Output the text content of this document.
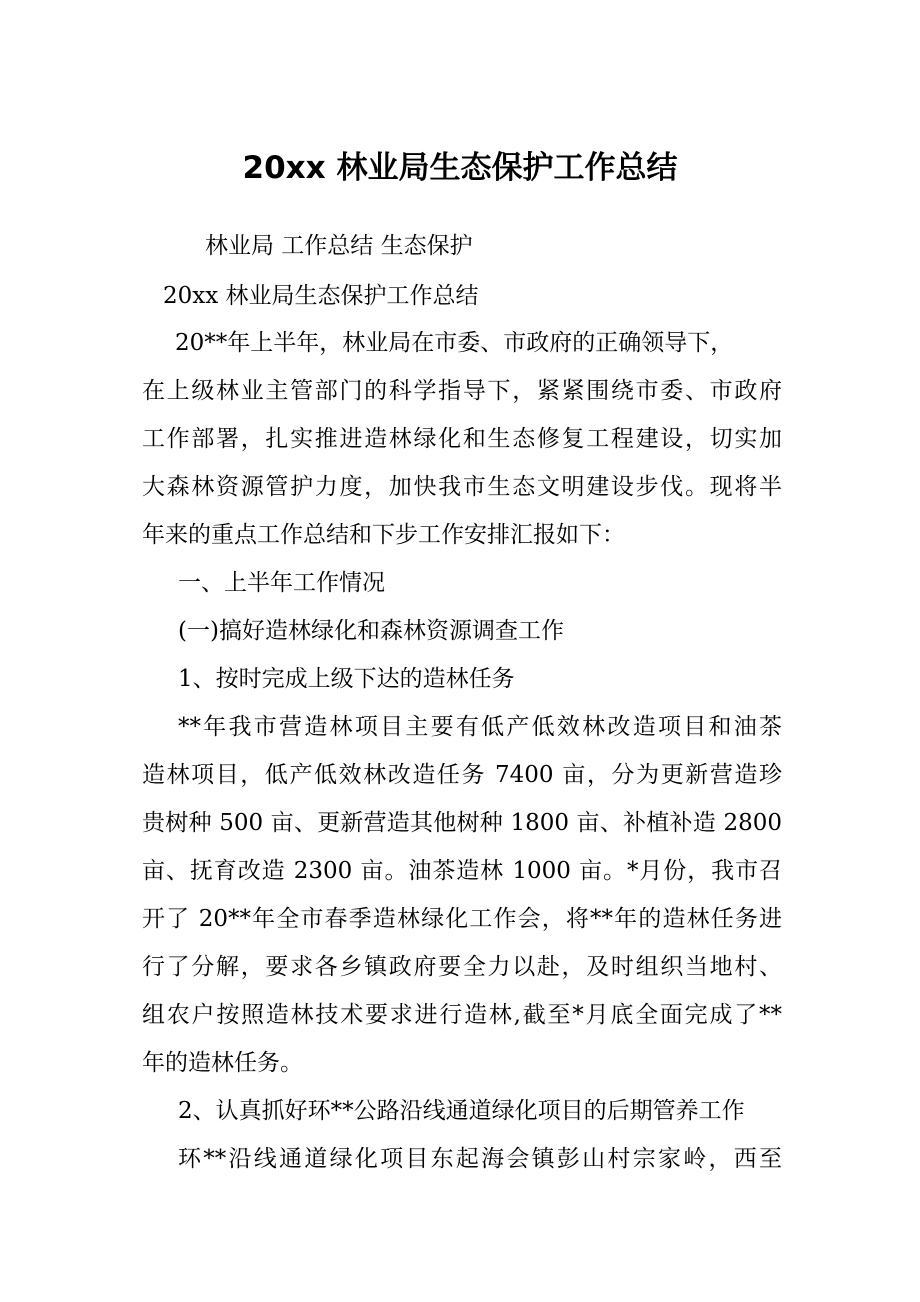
20xx 林业局生态保护工作总结

林业局 工作总结 生态保护

20xx 林业局生态保护工作总结

20**年上半年，林业局在市委、市政府的正确领导下，

在上级林业主管部门的科学指导下，紧紧围绕市委、市政府

工作部署，扎实推进造林绿化和生态修复工程建设，切实加

大森林资源管护力度，加快我市生态文明建设步伐。现将半

年来的重点工作总结和下步工作安排汇报如下：

一、上半年工作情况

(一)搞好造林绿化和森林资源调查工作

1、按时完成上级下达的造林任务

**年我市营造林项目主要有低产低效林改造项目和油茶

造林项目，低产低效林改造任务 7400 亩，分为更新营造珍

贵树种 500 亩、更新营造其他树种 1800 亩、补植补造 2800

亩、抚育改造 2300 亩。油茶造林 1000 亩。*月份，我市召

开了 20**年全市春季造林绿化工作会，将**年的造林任务进

行了分解，要求各乡镇政府要全力以赴，及时组织当地村、

组农户按照造林技术要求进行造林,截至*月底全面完成了**

年的造林任务。

2、认真抓好环**公路沿线通道绿化项目的后期管养工作

环**沿线通道绿化项目东起海会镇彭山村宗家岭，西至
